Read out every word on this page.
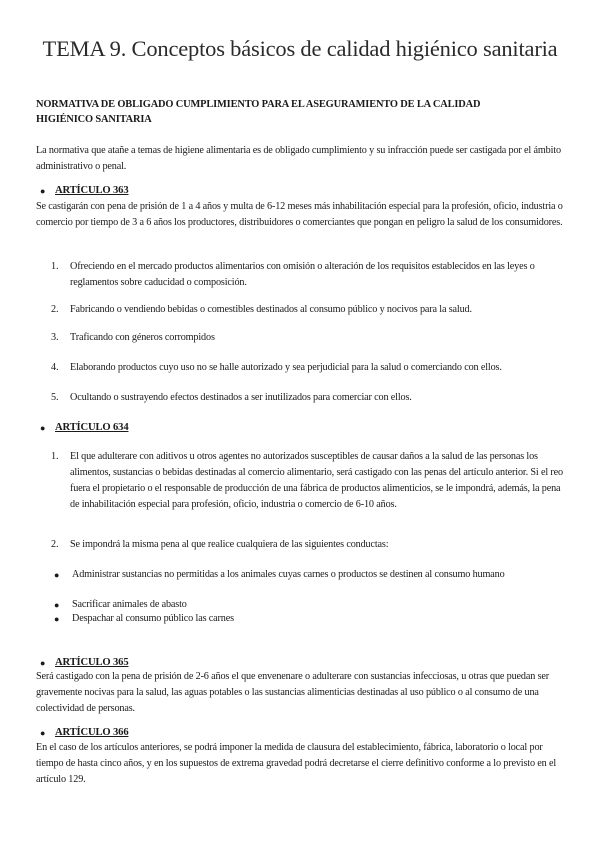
TEMA 9. Conceptos básicos de calidad higiénico sanitaria
NORMATIVA DE OBLIGADO CUMPLIMIENTO PARA EL ASEGURAMIENTO DE LA CALIDAD HIGIÉNICO SANITARIA
La normativa que atañe a temas de higiene alimentaria es de obligado cumplimiento y su infracción puede ser castigada por el ámbito administrativo o penal.
● ARTÍCULO 363
Se castigarán con pena de prisión de 1 a 4 años y multa de 6-12 meses más inhabilitación especial para la profesión, oficio, industria o comercio por tiempo de 3 a 6 años los productores, distribuidores o comerciantes que pongan en peligro la salud de los consumidores.
1. Ofreciendo en el mercado productos alimentarios con omisión o alteración de los requisitos establecidos en las leyes o reglamentos sobre caducidad o composición.
2. Fabricando o vendiendo bebidas o comestibles destinados al consumo público y nocivos para la salud.
3. Traficando con géneros corrompidos
4. Elaborando productos cuyo uso no se halle autorizado y sea perjudicial para la salud o comerciando con ellos.
5. Ocultando o sustrayendo efectos destinados a ser inutilizados para comerciar con ellos.
● ARTÍCULO 634
1. El que adulterare con aditivos u otros agentes no autorizados susceptibles de causar daños a la salud de las personas los alimentos, sustancias o bebidas destinadas al comercio alimentario, será castigado con las penas del artículo anterior. Si el reo fuera el propietario o el responsable de producción de una fábrica de productos alimenticios, se le impondrá, además, la pena de inhabilitación especial para profesión, oficio, industria o comercio de 6-10 años.
2. Se impondrá la misma pena al que realice cualquiera de las siguientes conductas:
● Administrar sustancias no permitidas a los animales cuyas carnes o productos se destinen al consumo humano
● Sacrificar animales de abasto
● Despachar al consumo público las carnes
● ARTÍCULO 365
Será castigado con la pena de prisión de 2-6 años el que envenenare o adulterare con sustancias infecciosas, u otras que puedan ser gravemente nocivas para la salud, las aguas potables o las sustancias alimenticias destinadas al uso público o al consumo de una colectividad de personas.
● ARTÍCULO 366
En el caso de los artículos anteriores, se podrá imponer la medida de clausura del establecimiento, fábrica, laboratorio o local por tiempo de hasta cinco años, y en los supuestos de extrema gravedad podrá decretarse el cierre definitivo conforme a lo previsto en el artículo 129.
